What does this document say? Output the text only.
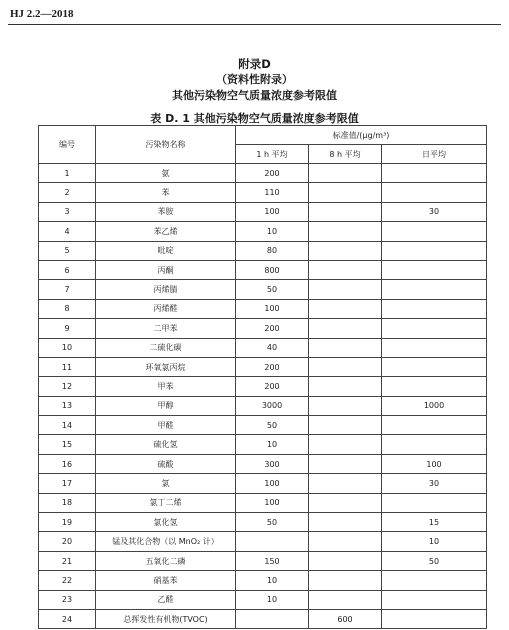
HJ 2.2—2018
附录D
（资料性附录）
其他污染物空气质量浓度参考限值
表 D. 1 其他污染物空气质量浓度参考限值
编号	污染物名称	标准值/(μg/m³)		
		1 h 平均	8 h 平均	日平均
1	氨	200		
2	苯	110		
3	苯胺	100		30
4	苯乙烯	10		
5	吡啶	80		
6	丙酮	800		
7	丙烯腈	50		
8	丙烯醛	100		
9	二甲苯	200		
10	二硫化碳	40		
11	环氧氯丙烷	200		
12	甲苯	200		
13	甲醇	3000		1000
14	甲醛	50		
15	硫化氢	10		
16	硫酸	300		100
17	氯	100		30
18	氯丁二烯	100		
19	氯化氢	50		15
20	锰及其化合物（以 MnO₂ 计）			10
21	五氧化二磷	150		50
22	硝基苯	10		
23	乙醛	10		
24	总挥发性有机物(TVOC)		600	
